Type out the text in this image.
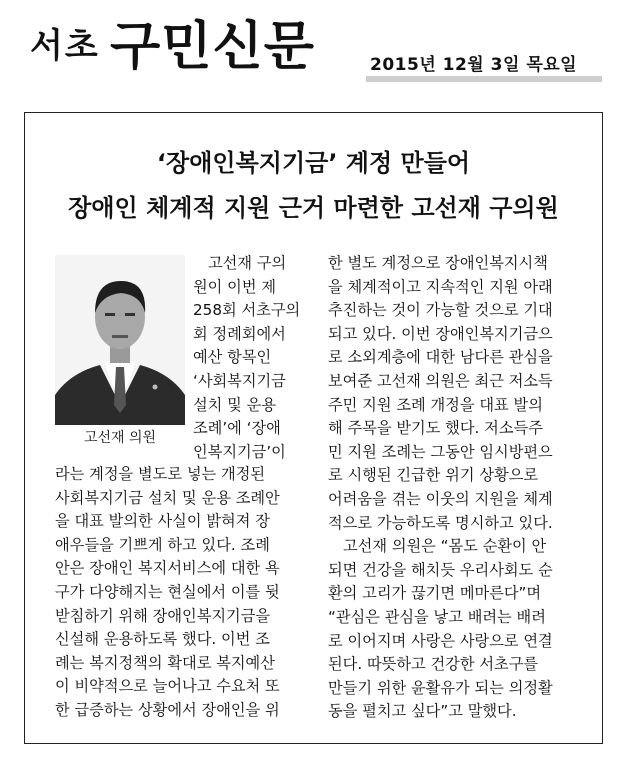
서초 구민신문	2015년 12월 3일 목요일
‘장애인복지기금’ 계정 만들어
장애인 체계적 지원 근거 마련한 고선재 구의원
고선재 의원
고선재 구의
원이 이번 제
258회 서초구의
회 정례회에서
예산 항목인
‘사회복지기금
설치 및 운용
조례’에 ‘장애
인복지기금’이
라는 계정을 별도로 넣는 개정된
사회복지기금 설치 및 운용 조례안
을 대표 발의한 사실이 밝혀져 장
애우들을 기쁘게 하고 있다. 조례
안은 장애인 복지서비스에 대한 욕
구가 다양해지는 현실에서 이를 뒷
받침하기 위해 장애인복지기금을
신설해 운용하도록 했다. 이번 조
례는 복지정책의 확대로 복지예산
이 비약적으로 늘어나고 수요처 또
한 급증하는 상황에서 장애인을 위
한 별도 계정으로 장애인복지시책
을 체계적이고 지속적인 지원 아래
추진하는 것이 가능할 것으로 기대
되고 있다. 이번 장애인복지기금으
로 소외계층에 대한 남다른 관심을
보여준 고선재 의원은 최근 저소득
주민 지원 조례 개정을 대표 발의
해 주목을 받기도 했다. 저소득주
민 지원 조례는 그동안 임시방편으
로 시행된 긴급한 위기 상황으로
어려움을 겪는 이웃의 지원을 체계
적으로 가능하도록 명시하고 있다.
고선재 의원은 “몸도 순환이 안
되면 건강을 해치듯 우리사회도 순
환의 고리가 끊기면 메마른다”며
“관심은 관심을 낳고 배려는 배려
로 이어지며 사랑은 사랑으로 연결
된다. 따뜻하고 건강한 서초구를
만들기 위한 윤활유가 되는 의정활
동을 펼치고 싶다”고 말했다.
